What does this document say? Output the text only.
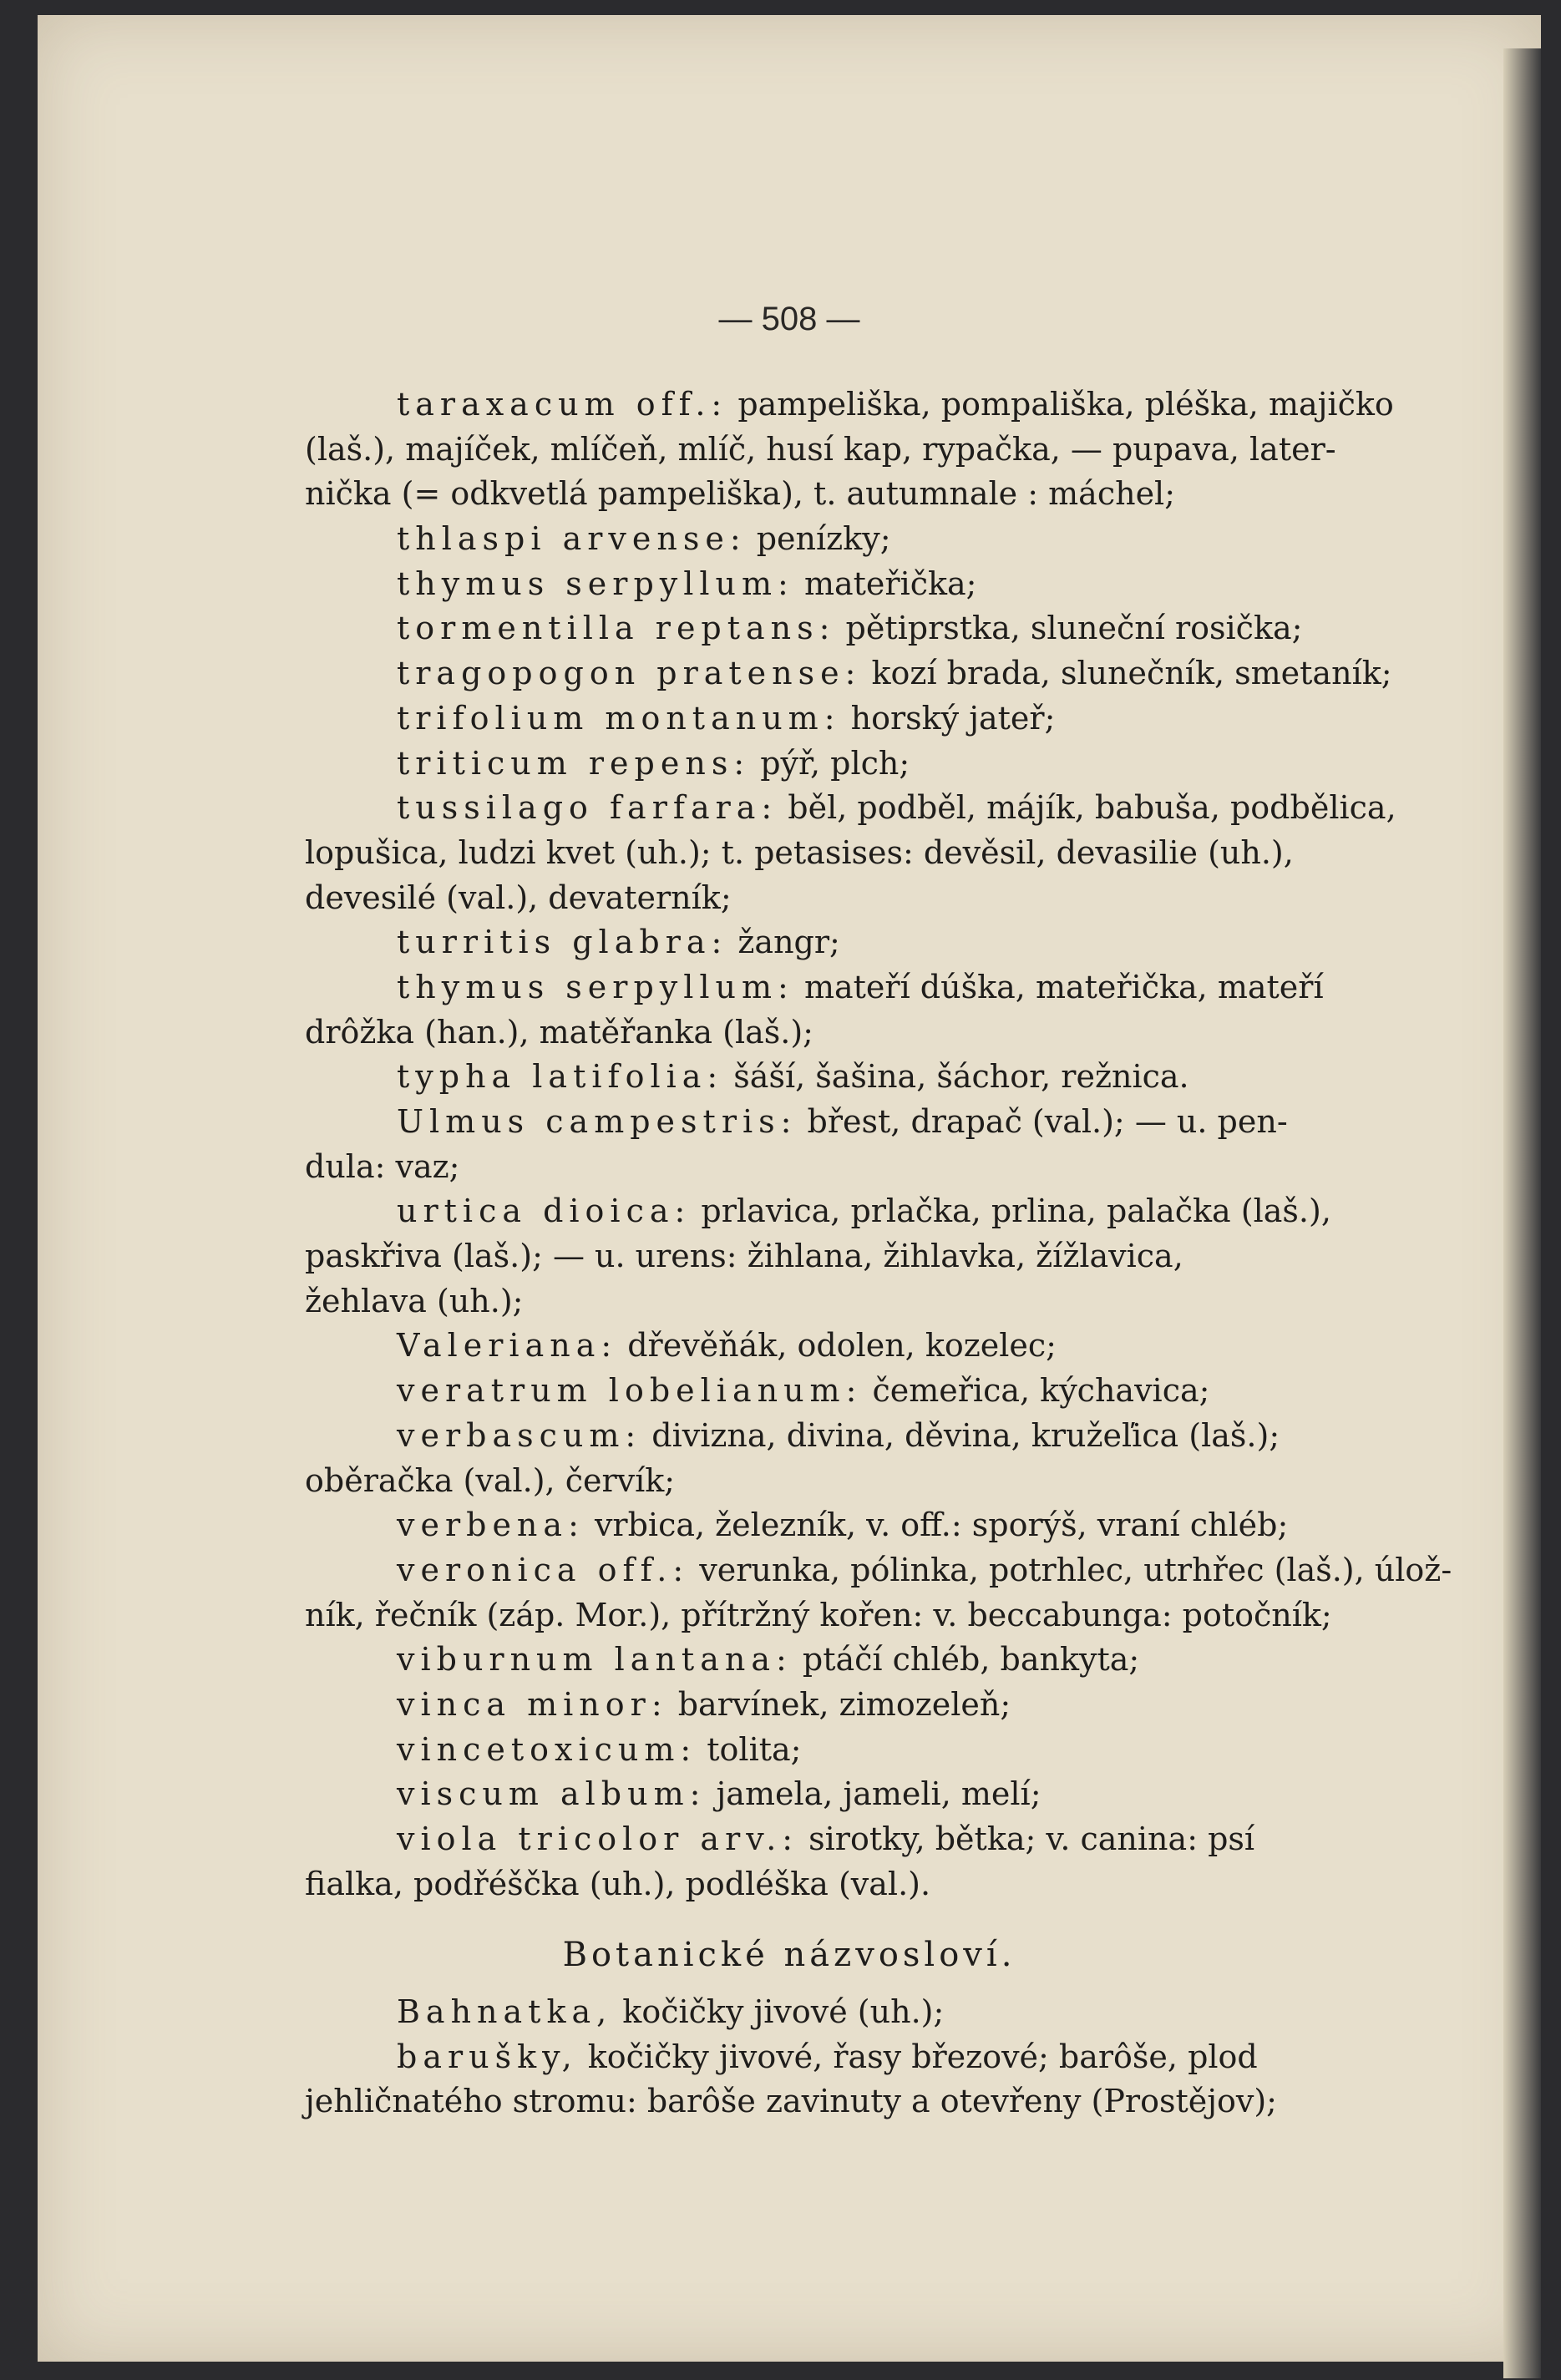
— 508 —
taraxacum off.: pampeliška, pompališka, pléška, majičko
(laš.), majíček, mlíčeň, mlíč, husí kap, rypačka, — pupava, later-
nička (= odkvetlá pampeliška), t. autumnale : máchel;
thlaspi arvense: penízky;
thymus serpyllum: mateřička;
tormentilla reptans: pětiprstka, sluneční rosička;
tragopogon pratense: kozí brada, slunečník, smetaník;
trifolium montanum: horský jateř;
triticum repens: pýř, plch;
tussilago farfara: běl, podběl, májík, babuša, podbělica,
lopušica, ludzi kvet (uh.); t. petasises: devěsil, devasilie (uh.),
devesilé (val.), devaterník;
turritis glabra: žangr;
thymus serpyllum: mateří dúška, mateřička, mateří
drôžka (han.), matěřanka (laš.);
typha latifolia: šáší, šašina, šáchor, režnica.
Ulmus campestris: břest, drapač (val.); — u. pen-
dula: vaz;
urtica dioica: prlavica, prlačka, prlina, palačka (laš.),
paskřiva (laš.); — u. urens: žihlana, žihlavka, žížlavica,
žehlava (uh.);
Valeriana: dřevěňák, odolen, kozelec;
veratrum lobelianum: čemeřica, kýchavica;
verbascum: divizna, divina, děvina, kružeľica (laš.);
oběračka (val.), červík;
verbena: vrbica, železník, v. off.: sporýš, vraní chléb;
veronica off.: verunka, pólinka, potrhlec, utrhřec (laš.), úlož-
ník, řečník (záp. Mor.), přítržný kořen: v. beccabunga: potočník;
viburnum lantana: ptáčí chléb, bankyta;
vinca minor: barvínek, zimozeleň;
vincetoxicum: tolita;
viscum album: jamela, jameli, melí;
viola tricolor arv.: sirotky, bětka; v. canina: psí
fialka, podřéščka (uh.), podléška (val.).
Botanické názvosloví.
Bahnatka, kočičky jivové (uh.);
barušky, kočičky jivové, řasy březové; barôše, plod
jehličnatého stromu: barôše zavinuty a otevřeny (Prostějov);
